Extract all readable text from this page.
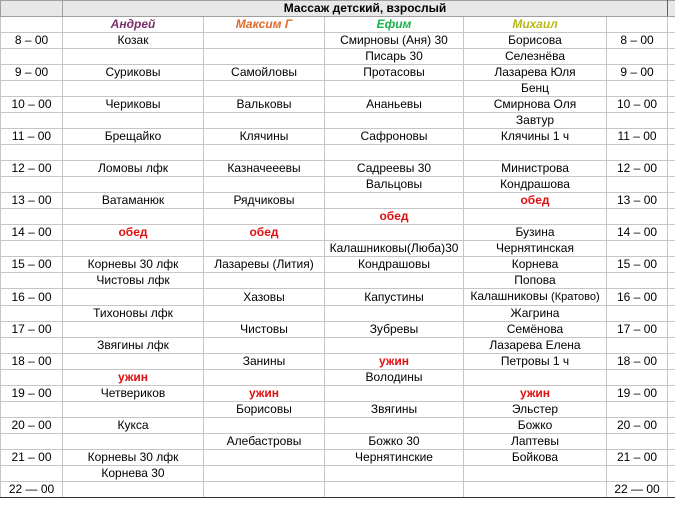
	Массаж детский, взрослый					
	Андрей	Максим Г	Ефим	Михаил		
8 – 00	Козак		Смирновы (Аня) 30	Борисова	8 – 00	
			Писарь 30	Селезнёва		
9 – 00	Суриковы	Самойловы	Протасовы	Лазарева Юля	9 – 00	
				Бенц		
10 – 00	Чериковы	Вальковы	Ананьевы	Смирнова Оля	10 – 00	
				Завтур		
11 – 00	Брещайко	Клячины	Сафроновы	Клячины 1 ч	11 – 00	

12 – 00	Ломовы лфк	Казначееевы	Садреевы 30	Министрова	12 – 00	
			Вальцовы	Кондрашова		
13 – 00	Ватаманюк	Рядчиковы		обед	13 – 00	
			обед			
14 – 00	обед	обед		Бузина	14 – 00	
			Калашниковы(Люба)30	Чернятинская		
15 – 00	Корневы 30 лфк	Лазаревы (Лития)	Кондрашовы	Корнева	15 – 00	
	Чистовы лфк			Попова		
16 – 00		Хазовы	Капустины	Калашниковы (Кратово)	16 – 00	
	Тихоновы лфк			Жагрина		
17 – 00		Чистовы	Зубревы	Семёнова	17 – 00	
	Звягины лфк			Лазарева Елена		
18 – 00		Занины	ужин	Петровы 1 ч	18 – 00	
	ужин		Володины			
19 – 00	Четвериков	ужин		ужин	19 – 00	
		Борисовы	Звягины	Эльстер		
20 – 00	Кукса			Божко	20 – 00	
		Алебастровы	Божко 30	Лаптевы		
21 – 00	Корневы 30 лфк		Чернятинские	Бойкова	21 – 00	
	Корнева 30					
22 — 00					22 — 00	
